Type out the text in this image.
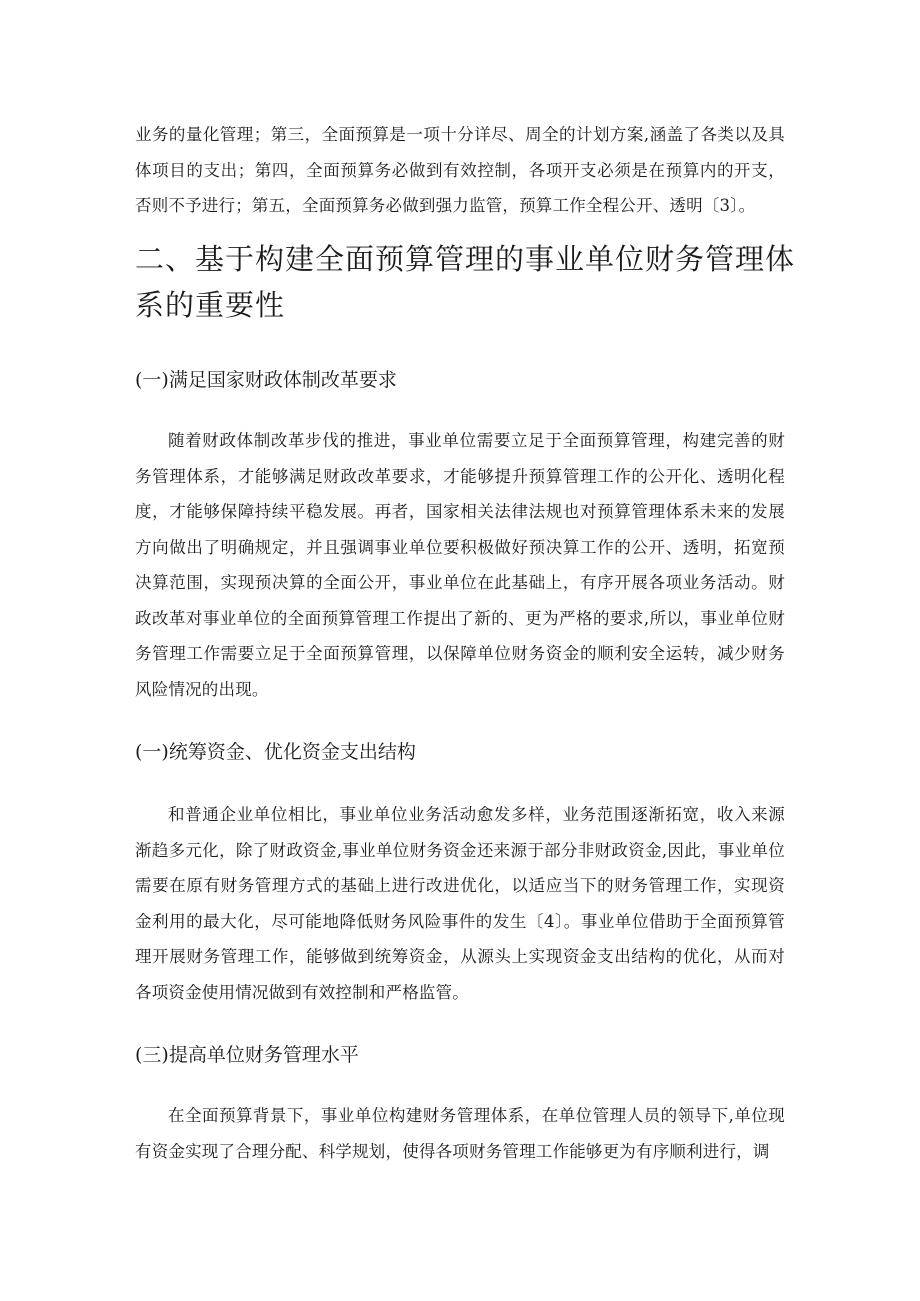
业务的量化管理；第三，全面预算是一项十分详尽、周全的计划方案,涵盖了各类以及具体项目的支出；第四，全面预算务必做到有效控制，各项开支必须是在预算内的开支，否则不予进行；第五，全面预算务必做到强力监管，预算工作全程公开、透明〔3〕。

二、基于构建全面预算管理的事业单位财务管理体系的重要性
(一)满足国家财政体制改革要求

随着财政体制改革步伐的推进，事业单位需要立足于全面预算管理，构建完善的财务管理体系，才能够满足财政改革要求，才能够提升预算管理工作的公开化、透明化程度，才能够保障持续平稳发展。再者，国家相关法律法规也对预算管理体系未来的发展方向做出了明确规定，并且强调事业单位要积极做好预决算工作的公开、透明，拓宽预决算范围，实现预决算的全面公开，事业单位在此基础上，有序开展各项业务活动。财政改革对事业单位的全面预算管理工作提出了新的、更为严格的要求,所以，事业单位财务管理工作需要立足于全面预算管理，以保障单位财务资金的顺利安全运转，减少财务风险情况的出现。

(一)统筹资金、优化资金支出结构

和普通企业单位相比，事业单位业务活动愈发多样，业务范围逐渐拓宽，收入来源渐趋多元化，除了财政资金,事业单位财务资金还来源于部分非财政资金,因此，事业单位需要在原有财务管理方式的基础上进行改进优化，以适应当下的财务管理工作，实现资金利用的最大化，尽可能地降低财务风险事件的发生〔4〕。事业单位借助于全面预算管理开展财务管理工作，能够做到统筹资金，从源头上实现资金支出结构的优化，从而对各项资金使用情况做到有效控制和严格监管。

(三)提高单位财务管理水平

在全面预算背景下，事业单位构建财务管理体系，在单位管理人员的领导下,单位现有资金实现了合理分配、科学规划，使得各项财务管理工作能够更为有序顺利进行，调
